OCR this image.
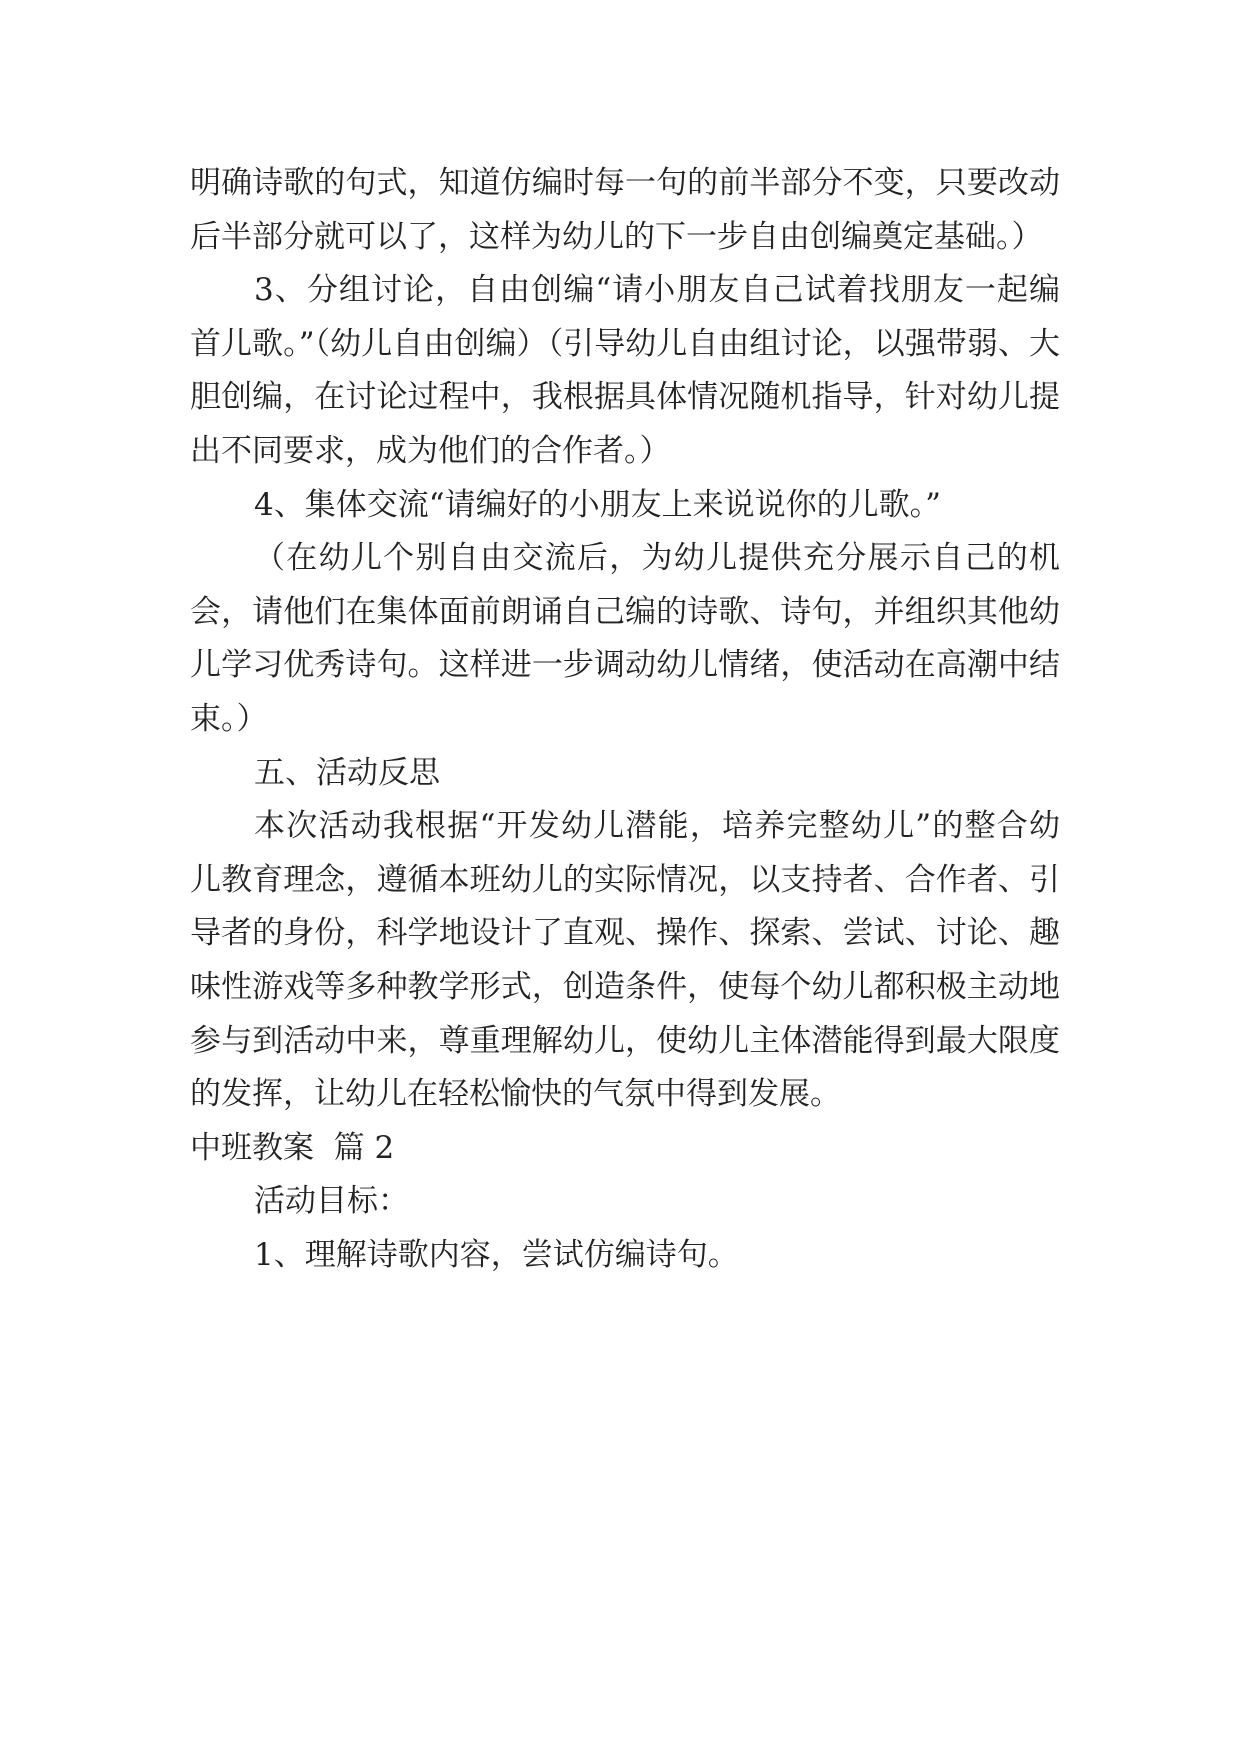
明确诗歌的句式，知道仿编时每一句的前半部分不变，只要改动后半部分就可以了，这样为幼儿的下一步自由创编奠定基础。）

3、分组讨论，自由创编“请小朋友自己试着找朋友一起编首儿歌。”（幼儿自由创编）（引导幼儿自由组讨论，以强带弱、大胆创编，在讨论过程中，我根据具体情况随机指导，针对幼儿提出不同要求，成为他们的合作者。）

4、集体交流“请编好的小朋友上来说说你的儿歌。”

（在幼儿个别自由交流后，为幼儿提供充分展示自己的机会，请他们在集体面前朗诵自己编的诗歌、诗句，并组织其他幼儿学习优秀诗句。这样进一步调动幼儿情绪，使活动在高潮中结束。）

五、活动反思

本次活动我根据“开发幼儿潜能，培养完整幼儿”的整合幼儿教育理念，遵循本班幼儿的实际情况，以支持者、合作者、引导者的身份，科学地设计了直观、操作、探索、尝试、讨论、趣味性游戏等多种教学形式，创造条件，使每个幼儿都积极主动地参与到活动中来，尊重理解幼儿，使幼儿主体潜能得到最大限度的发挥，让幼儿在轻松愉快的气氛中得到发展。

中班教案  篇 2

活动目标：

1、理解诗歌内容，尝试仿编诗句。
